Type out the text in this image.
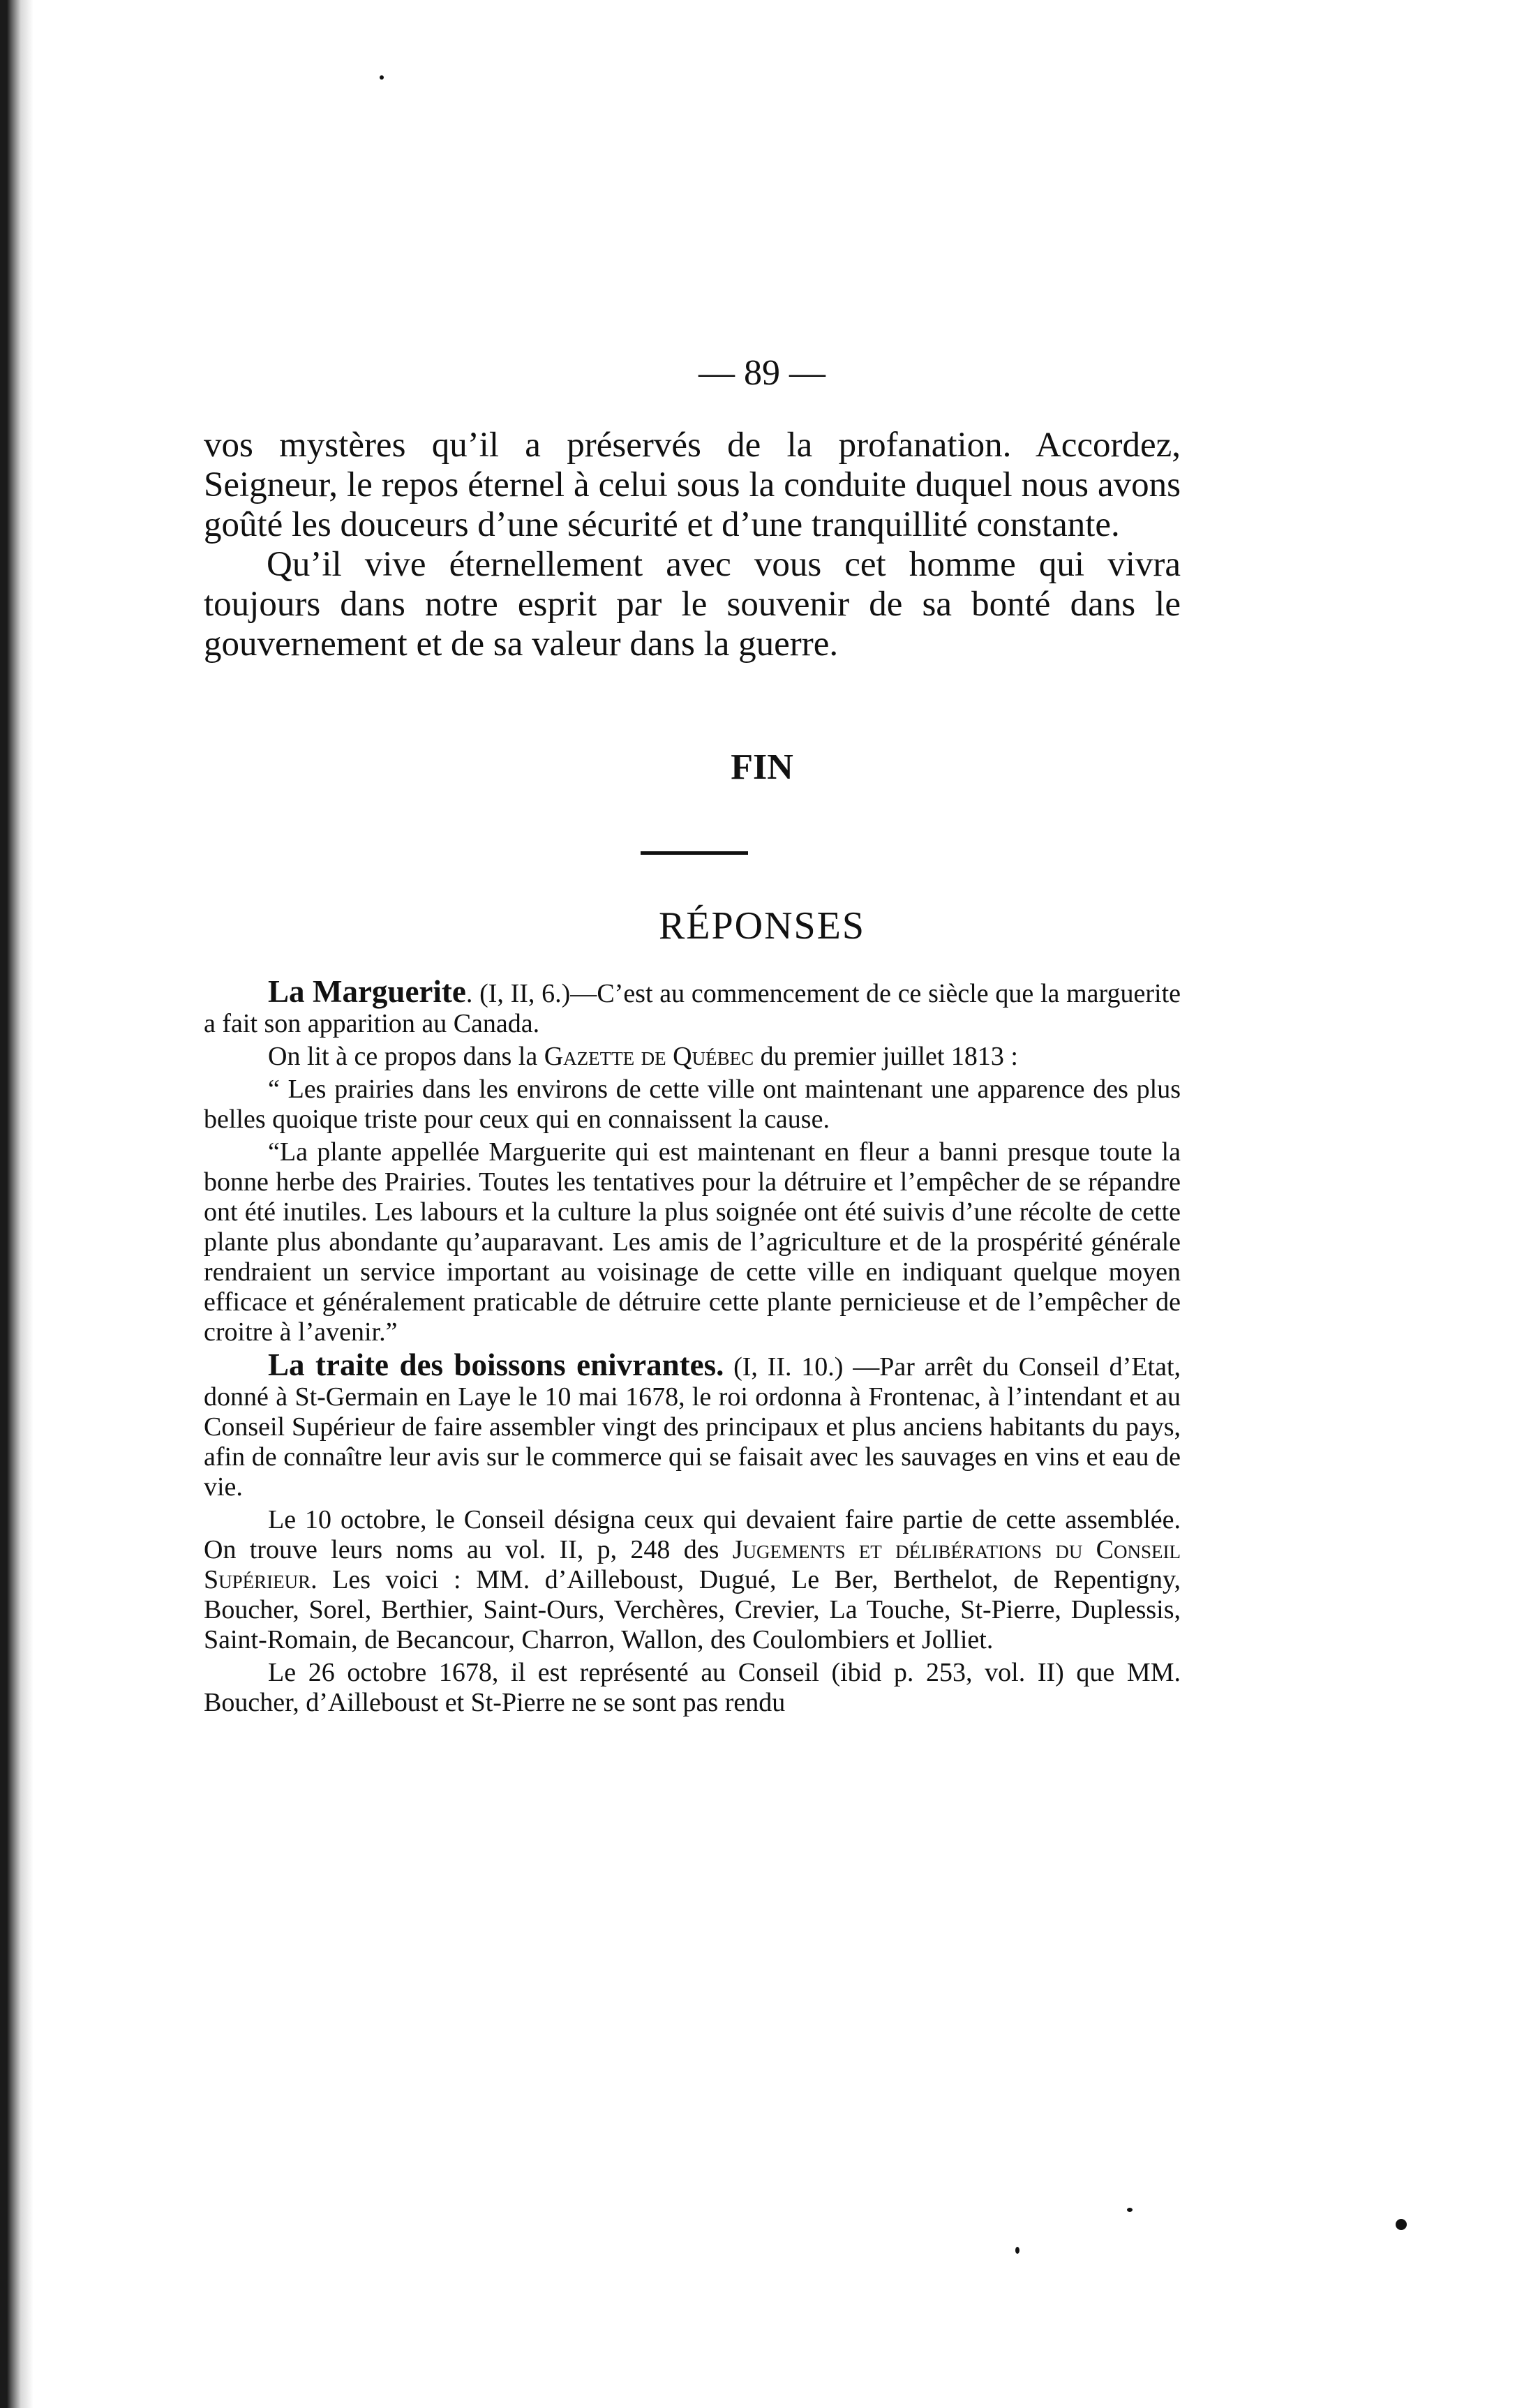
— 89 —

vos mystères qu’il a préservés de la profanation. Accordez, Seigneur, le repos éternel à celui sous la conduite duquel nous avons goûté les douceurs d’une sécurité et d’une tranquillité constante.

Qu’il vive éternellement avec vous cet homme qui vivra toujours dans notre esprit par le souvenir de sa bonté dans le gouvernement et de sa valeur dans la guerre.

FIN
RÉPONSES

La Marguerite. (I, II, 6.)—C’est au commencement de ce siècle que la marguerite a fait son apparition au Canada.

On lit à ce propos dans la Gazette de Québec du premier juillet 1813 :

“ Les prairies dans les environs de cette ville ont maintenant une apparence des plus belles quoique triste pour ceux qui en connaissent la cause.

“La plante appellée Marguerite qui est maintenant en fleur a banni presque toute la bonne herbe des Prairies. Toutes les tentatives pour la détruire et l’empêcher de se répandre ont été inutiles. Les labours et la culture la plus soignée ont été suivis d’une récolte de cette plante plus abondante qu’auparavant. Les amis de l’agriculture et de la prospérité générale rendraient un service important au voisinage de cette ville en indiquant quelque moyen efficace et généralement praticable de détruire cette plante pernicieuse et de l’empêcher de croitre à l’avenir.”

La traite des boissons enivrantes. (I, II. 10.) —Par arrêt du Conseil d’Etat, donné à St-Germain en Laye le 10 mai 1678, le roi ordonna à Frontenac, à l’intendant et au Conseil Supérieur de faire assembler vingt des principaux et plus anciens habitants du pays, afin de connaître leur avis sur le commerce qui se faisait avec les sauvages en vins et eau de vie.

Le 10 octobre, le Conseil désigna ceux qui devaient faire partie de cette assemblée. On trouve leurs noms au vol. II, p, 248 des Jugements et délibérations du Conseil Supérieur. Les voici : MM. d’Ailleboust, Dugué, Le Ber, Berthelot, de Repentigny, Boucher, Sorel, Berthier, Saint-Ours, Verchères, Crevier, La Touche, St-Pierre, Duplessis, Saint-Romain, de Becancour, Charron, Wallon, des Coulombiers et Jolliet.

Le 26 octobre 1678, il est représenté au Conseil (ibid p. 253, vol. II) que MM. Boucher, d’Ailleboust et St-Pierre ne se sont pas rendu
